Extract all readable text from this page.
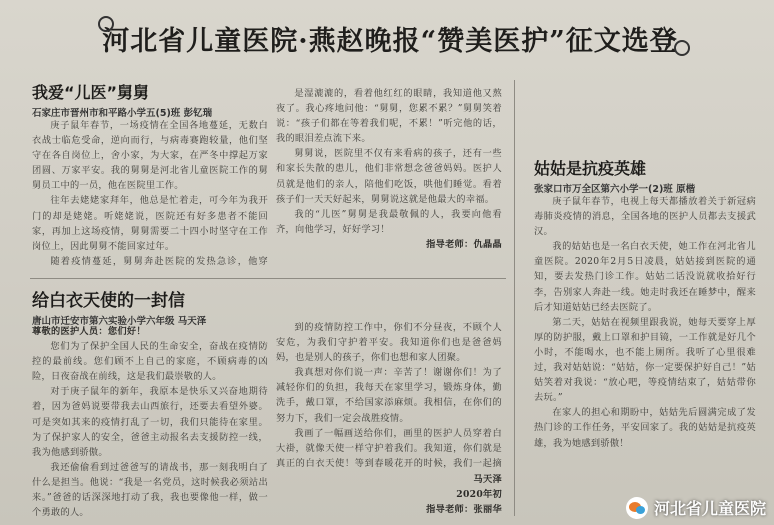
河北省儿童医院·燕赵晚报“赞美医护”征文选登
我爱“儿医”舅舅
石家庄市晋州市和平路小学五(5)班 彭钇瑞

庚子鼠年春节，一场疫情在全国各地蔓延，无数白衣战士临危受命，逆向而行，与病毒赛跑较量，他们坚守在各自岗位上，舍小家，为大家，在严冬中撑起万家团圆、万家平安。我的舅舅是河北省儿童医院工作的舅舅员工中的一员，他在医院里工作。

往年去姥姥家拜年，他总是忙着走，可今年为我开门的却是姥姥。听姥姥说，医院还有好多患者不能回家，再加上这场疫情，舅舅需要二十四小时坚守在工作岗位上，因此舅舅不能回家过年。

随着疫情蔓延，舅舅奔赴医院的发热急诊，他穿

是湿漉漉的，看着他红红的眼睛，我知道他又熬夜了。我心疼地问他：“舅舅，您累不累？”舅舅笑着说：“孩子们都在等着我们呢，不累！”听完他的话，我的眼泪差点流下来。

舅舅说，医院里不仅有来看病的孩子，还有一些和家长失散的患儿，他们非常想念爸爸妈妈。医护人员就是他们的亲人，陪他们吃饭，哄他们睡觉。看着孩子们一天天好起来，舅舅说这就是他最大的幸福。

我的“儿医”舅舅是我最敬佩的人，我要向他看齐，向他学习，好好学习！

指导老师：仇晶晶

给白衣天使的一封信
唐山市迁安市第六实验小学六年级 马天泽

尊敬的医护人员：您们好！

您们为了保护全国人民的生命安全，奋战在疫情防控的最前线。您们顾不上自己的家庭，不顾病毒的凶险，日夜奋战在前线，这是我们最崇敬的人。

对于庚子鼠年的新年，我原本是快乐又兴奋地期待着，因为爸妈说要带我去山西旅行，还要去看望外婆。可是突如其来的疫情打乱了一切，我们只能待在家里。为了保护家人的安全，爸爸主动报名去支援防控一线，我为他感到骄傲。

我还偷偷看到过爸爸写的请战书，那一刻我明白了什么是担当。他说：“我是一名党员，这时候我必须站出来。”爸爸的话深深地打动了我，我也要像他一样，做一个勇敢的人。

到的疫情防控工作中，你们不分昼夜，不顾个人安危，为我们守护着平安。我知道你们也是爸爸妈妈，也是别人的孩子，你们也想和家人团聚。

我真想对你们说一声：辛苦了！谢谢你们！为了减轻你们的负担，我每天在家里学习，锻炼身体，勤洗手，戴口罩，不给国家添麻烦。我相信，在你们的努力下，我们一定会战胜疫情。

我画了一幅画送给你们，画里的医护人员穿着白大褂，就像天使一样守护着我们。我知道，你们就是真正的白衣天使！等到春暖花开的时候，我们一起摘

马天泽

2020年初

指导老师：张丽华

姑姑是抗疫英雄
张家口市万全区第六小学一(2)班 原楷

庚子鼠年春节，电视上每天都播放着关于新冠病毒肺炎疫情的消息，全国各地的医护人员都去支援武汉。

我的姑姑也是一名白衣天使，她工作在河北省儿童医院。2020年2月5日凌晨，姑姑接到医院的通知，要去发热门诊工作。姑姑二话没说就收拾好行李，告别家人奔赴一线。她走时我还在睡梦中，醒来后才知道姑姑已经去医院了。

第二天，姑姑在视频里跟我说，她每天要穿上厚厚的防护服，戴上口罩和护目镜，一工作就是好几个小时，不能喝水，也不能上厕所。我听了心里很难过，我对姑姑说：“姑姑，你一定要保护好自己！”姑姑笑着对我说：“放心吧，等疫情结束了，姑姑带你去玩。”

在家人的担心和期盼中，姑姑先后圆满完成了发热门诊的工作任务，平安回家了。我的姑姑是抗疫英雄，我为她感到骄傲！

河北省儿童医院
